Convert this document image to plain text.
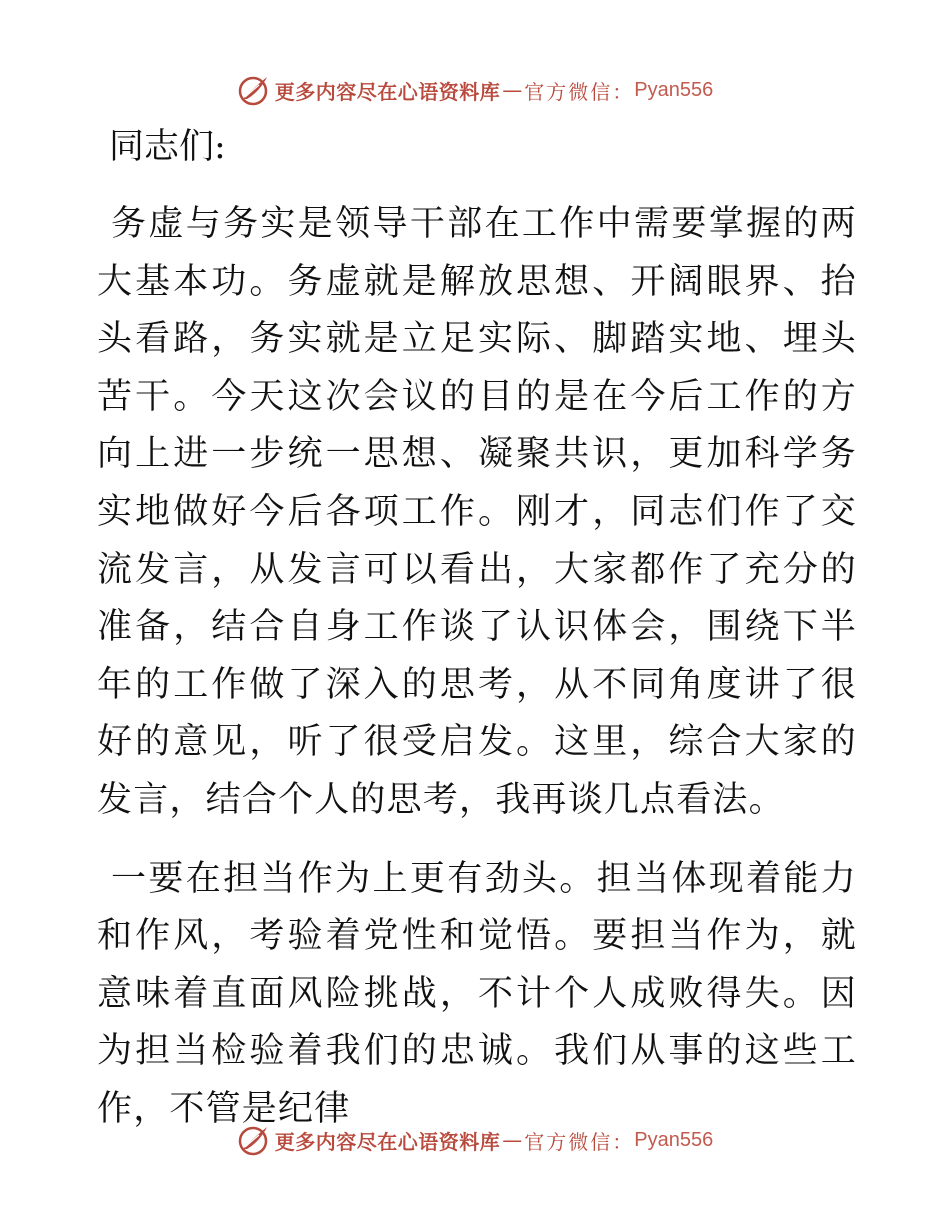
更多内容尽在心语资料库 — 官方微信： Pyan556

同志们:

务虚与务实是领导干部在工作中需要掌握的两大基本功。务虚就是解放思想、开阔眼界、抬头看路，务实就是立足实际、脚踏实地、埋头苦干。今天这次会议的目的是在今后工作的方向上进一步统一思想、凝聚共识，更加科学务实地做好今后各项工作。刚才，同志们作了交流发言，从发言可以看出，大家都作了充分的准备，结合自身工作谈了认识体会，围绕下半年的工作做了深入的思考，从不同角度讲了很好的意见，听了很受启发。这里，综合大家的发言，结合个人的思考，我再谈几点看法。

一要在担当作为上更有劲头。担当体现着能力和作风，考验着党性和觉悟。要担当作为，就意味着直面风险挑战，不计个人成败得失。因为担当检验着我们的忠诚。我们从事的这些工作，不管是纪律

更多内容尽在心语资料库 — 官方微信： Pyan556
